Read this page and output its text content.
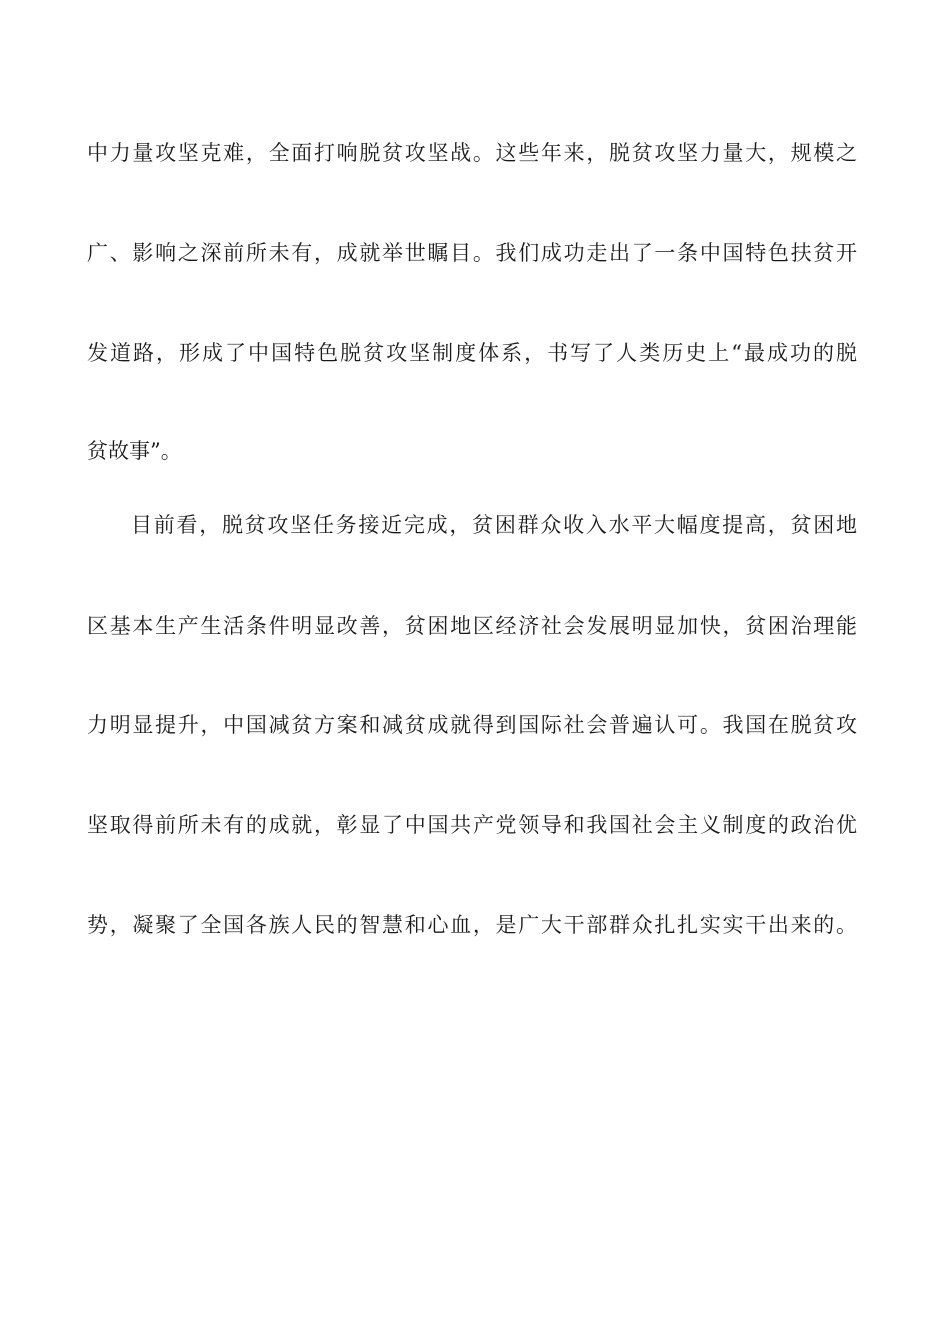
中力量攻坚克难，全面打响脱贫攻坚战。这些年来，脱贫攻坚力量大，规模之
广、影响之深前所未有，成就举世瞩目。我们成功走出了一条中国特色扶贫开
发道路，形成了中国特色脱贫攻坚制度体系，书写了人类历史上“最成功的脱
贫故事”。
目前看，脱贫攻坚任务接近完成，贫困群众收入水平大幅度提高，贫困地
区基本生产生活条件明显改善，贫困地区经济社会发展明显加快，贫困治理能
力明显提升，中国减贫方案和减贫成就得到国际社会普遍认可。我国在脱贫攻
坚取得前所未有的成就，彰显了中国共产党领导和我国社会主义制度的政治优
势，凝聚了全国各族人民的智慧和心血，是广大干部群众扎扎实实干出来的。
